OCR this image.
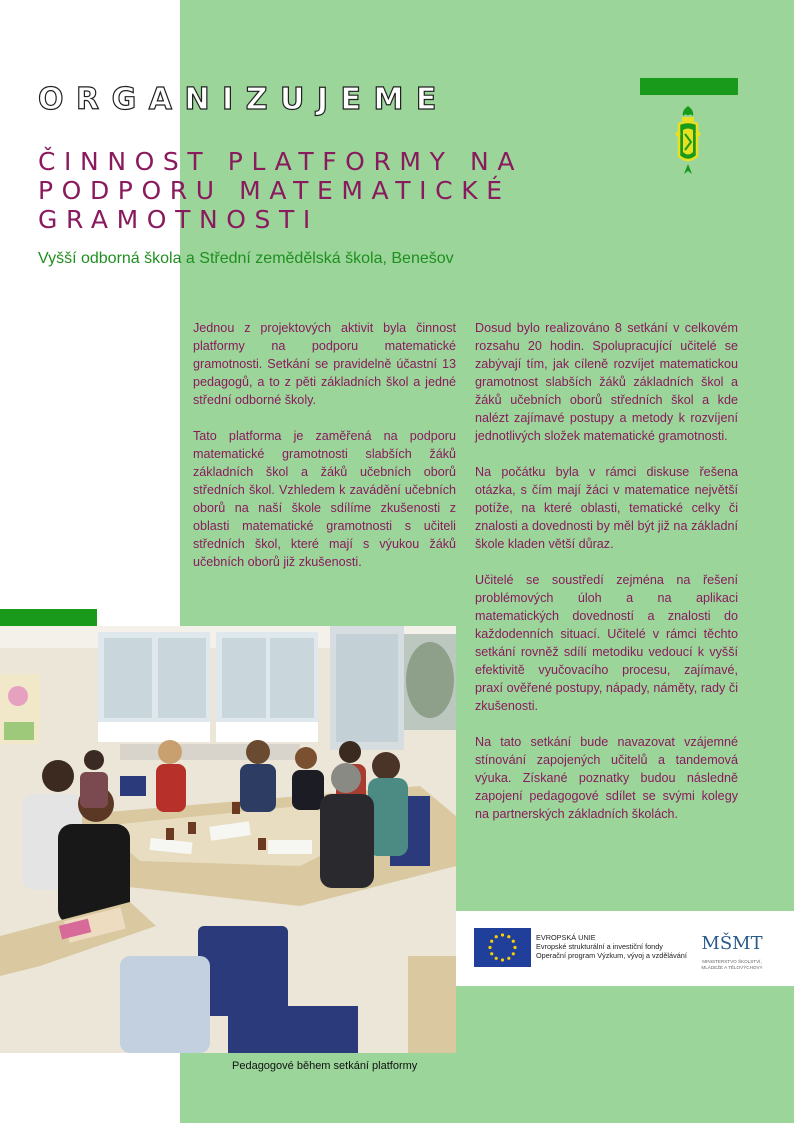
ORGANIZUJEME
ČINNOST PLATFORMY NA
PODPORU MATEMATICKÉ
GRAMOTNOSTI
Vyšší odborná škola a Střední zemědělská škola, Benešov

Jednou z projektových aktivit byla činnost platformy na podporu matematické gramotnosti. Setkání se pravidelně účastní 13 pedagogů, a to z pěti základních škol a jedné střední odborné školy.

Tato platforma je zaměřená na podporu matematické gramotnosti slabších žáků základních škol a žáků učebních oborů středních škol. Vzhledem k zavádění učebních oborů na naší škole sdílíme zkušenosti z oblasti matematické gramotnosti s učiteli středních škol, které mají s výukou žáků učebních oborů již zkušenosti.

Dosud bylo realizováno 8 setkání v celkovém rozsahu 20 hodin. Spolupracující učitelé se zabývají tím, jak cíleně rozvíjet matematickou gramotnost slabších žáků základních škol a žáků učebních oborů středních škol a kde nalézt zajímavé postupy a metody k rozvíjení jednotlivých složek matematické gramotnosti.

Na počátku byla v rámci diskuse řešena otázka, s čím mají žáci v matematice největší potíže, na které oblasti, tematické celky či znalosti a dovednosti by měl být již na základní škole kladen větší důraz.

Učitelé se soustředí zejména na řešení problémových úloh a na aplikaci matematických dovedností a znalosti do každodenních situací. Učitelé v rámci těchto setkání rovněž sdílí metodiku vedoucí k vyšší efektivitě vyučovacího procesu, zajímavé, praxí ověřené postupy, nápady, náměty, rady či zkušenosti.

Na tato setkání bude navazovat vzájemné stínování zapojených učitelů a tandemová výuka. Získané poznatky budou následně zapojení pedagogové sdílet se svými kolegy na partnerských základních školách.

Pedagogové během setkání platformy
EVROPSKÁ UNIE
Evropské strukturální a investiční fondy
Operační program Výzkum, vývoj a vzdělávání
MŠMT
MINISTERSTVO ŠKOLSTVÍ,
MLÁDEŽE A TĚLOVÝCHOVY
